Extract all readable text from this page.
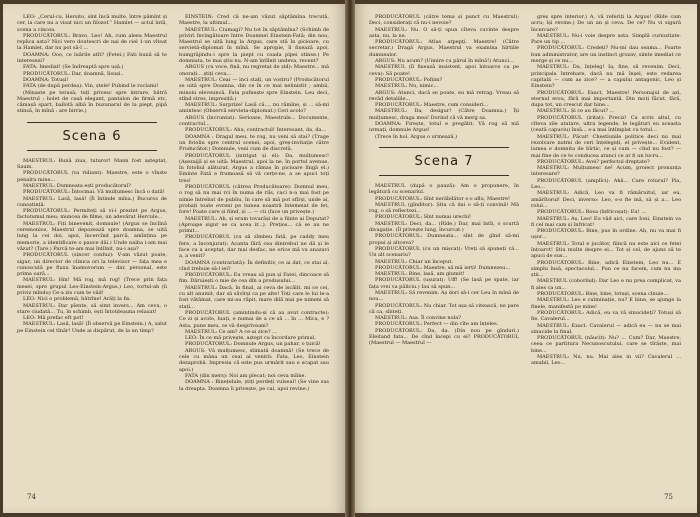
LEO: „Cerul-cu, Herșito, sînt încă multe, între pămînt și cer, la care nu a visat nici un filozof.” Hamlet — actul întîi, scena a cincea.

PRODUCĂTORUL: Bravo, Leo! Ah, cum aleea Maestrul replica asta? Nici vero doutescri de nai de ciel 1-un vîtsat la Hamlet, dar nu pot să-l ...

DOAMNA: Ooo, ce luările atît? (Fetei.) Fati bună să te interesezi?

FATA: Imediat! (Se îndreaptă spre ușă.)

PRODUCĂTORUL: Dar, doamnă, Iisuși..

DOAMNA: Totuși!

FATA (de după perdea): Vin, ștele! Pubind le roclami!

(Minaste pe terasă; tuți privesc spre intrare, bătrâ Maestrul : holet de casă elegant, pantalon de firmă etc, cămașă spart, ballotă albă în buzunarul de la piept, pipă stinsă, în mînă : are birrie.)

Scena 6

MAESTRUL: Bună ziua, tuturor! Mann fost așteptat, Saum.

PRODUCĂTORUL (va ridiant): Maestre, este o vînste penalra mine...

MAESTRUL: Dumneata ești producătorul?

PRODUCĂTORUL: Întocmai. Vă mulțumesc încă o dată!

MAESTRUL: Lasă, lasă! (Îi întinde mîna.) Bucuros de cunoștință.

PRODUCĂTORUL: Permiteți să vi-i prezint pe Argus, factotumul meu; muncea de filme, un adevărat Hercule...

MAESTRUL: Fiți binevenit, domnule! (Argus se înclină ceremonios, Maestrul depozează spre doamna, se uită lung la cei doi, apoi, încercînd parcă, amînțina pe memorie, a identificare o pauce dâi.) Unde naiba i-am mai văzut? (Tare.) Parcă te-am mai întîlnit, nu-i așa?

PRODUCĂTORUL (sincer confuz): V-am văzut poate, sigur; un director de clinica ori la televizor — fața mea e cunoscută pe fluxu înamovorum — dar, personal, este prima oară...

MAESTRUL: Hm! Mă rog, mă rog! (Trece prin fața mesei, spre grupul Leo-Einstein-Argus.) Leo, tortul-ah (îi priviz mîndu) Ce-a zis cum te văd!

LEO: Nici o problemă, bătrîne! Arăți la fix.

MAESTRUL: Dar pîente, să simt invers... Am ceva, o stare ciudată... Tu, în schimb, ești întotdeauna relaxat!

LEO: Mă prefac eft pot!

MAESTRUL: Lasă, lasă! (Îl observă pe Einstein.) A, salut pe Einstein cel tînăr! Unde ai dispărut, de la un timp?

EINSTEIN: Cred că ne-am văzut săptămîna trecută, Maestre, la ultimul...

MAESTRUL: Ciumagi? Nu tot în săptămîna? (Schimb de priviri învingătoare între Doamnei Einstein-Fată; din nou, Maestrul se uită lung la Argus, care stă în picioare, cu servietă-diplomat în mînă. Se apropie, îl fixează apoi, bumgrăjindu-i spre la piept cu coada pipei stinse.) Pe domniata, te mai știu nu. N-am întîlnit undeva, recent?

ARGUS (cu voce, fină, nu regretat de zid): Maestre... mă onorați... știți ceva...

MAESTRUL: Ceai — inci stați, un vostru? (Producătorul se uită spre Doamna, din ce în ce mai nelinistit ; ambii, minoiu eleveuncă. Fata pufnește spre Einstein. Leu deci, stînd stres, impresiță.)

MAESTRUL: Surprize! Lasă că..., nu rămîne, și ... să-mi amintesc (Observă servieta-diplomat.) Ceri acolo?

ARGUS (încruntat): Serioase, Maestrule... Documente, contractul...

PRODUCĂTORUL: Ahu, contractul! Interesant, da, da...

DOAMNA : Dragul meu, te rog, nu veni să stai? (Trage un fotoliu spre centrul scenei, apoi, greș-invitație către Producător.) Domnule, veni cum de discretă.

PRODUCĂTORUL (intrigat și el): Da, mulțumesc! (Așezaijă și se uită: Maestrul, apoi la ne, în portul avenue, în fotoliul alăturat. Argus a rămas în picioare lîngă el.) Eminte Fată e frumoasă să vă cerțe-ne, a se apuci toți tres!

PRODUCĂTORUL (cătrea Producătoare): Domnul meu, o rog să nu mai rci în numa de riîs, caci n-a mai fost pe nimie întrebat de publiu, în care să mă pot sfîrși, unde ai, probați toate evreni pe lumea noastră întemeiat de fet, fore! Poate care și fiind, și ... — cii (face un privește.)

MAESTRUL: Ah, și eram tovarăși de a fiinte ai Deputat? (Aproape sigur se ca acea ir...). Prețios... că se au ne primit...

PRODUCĂTORUL (cu să zîmbeu fată, pe caddy meu fere, a înconjurat): Acanta fără cea dintrebul ne dă și le face cu a aceptat, dar mai desfac, ne orice mă va anazavi a, a venit?

DOAMNA (contrariată): În definitiv, ce ai dat, ce stai aî, cînd trebuie să-l iei?

PRODUCĂTORUL: Eu vreau să pun și Fatei, dincoace să fim. Dăruiești o mie de cea dîn a produsului...

MAESTRUL: Dacă, în final, ai ceva de iscălit, mi ce cei, cu alt anumit, dar să săvîrși ca pe alte! Toți care le lui le-a fost vătămat, care mi-au răpit, mare dilă mai pe nimeni să stați...

PRODUCĂTORUL (amintindu-și că au avut contracte): Ce zi și acolo, luați, e numai de a ce să ... în ... Mica, e ? Asta, pune meu, ce vă despriveam?

MAESTRUL: Ce am? A ce-ai zice? ...

LEO: În ce mă privește, aștept cu încordare primul.

PRODUCĂTORUL: Domnule Argus, un pahar, o țuică!

ARGUS: Vă mulțumesc, stimată doamnă! (Se trece de cele cu mâna un ceai al venirii: Fata, Leo, Einstein dezaprobă. Impresia că este pus urmărit sau e scapat sau apoi.)

FATA (din mers): Noi am plecat; noi ceva mîine.

DOAMNA : Binețelule, știți perdeți vulseal! (Se vine sus la dreapta. Doamna îi privește, pe cai, apoi revine.)

74

PRODUCĂTORUL (către tema și punct cu Maestrul): Deci, considerați că nu-i nevoie?

MAESTRUL: Nu. O să-ți spun cîteva cuvinte despre asta, nu, la ne.

PRODUCĂTORUL: Atlas atpepți. Maestre! (Către secretar.) Dragă Argus, Maestrul va examina hîrtiile dumnealor.

ARGUS: Nu acum? (Uimire cu părul în mînă!) Atunci...

MAESTRUL (îl fixează insistent, apoi întoarce ca pe ceva): Să poate!

PRODUCĂTORUL: Pofiim?

MAESTRUL: Nu, nimic...

ARGUS: Atunci, dacă se poate, eu mă retrag. Vreau să revăd detaliile...

PRODUCĂTORUL: Maestre, cum consideri...

MAESTRUL: Da, desigur! (Către Doamna.) Îți mulțumesc, draga mea! Dorind că vă merg sa.

DOAMNA: Firește, totul e pregătit. Vă rog să mă urmați, domnule Argus!

(Trece în hol. Argus o urmează.)

Scena 7

MAESTRUL (după o pauză): Am o propunere, în legătură cu scenariul.

PRODUCĂTORUL: Sînt nerăbdător s-o aflu, Maestre!

MAESTRUL (gînditor): Știu că dai o să-ți convină! Mă rog, o să reflectezi...

PRODUCĂTORUL: Sînt numai urechi!

MAESTRUL: Deci, da... (Rîde.) Dar, mai întîi, o scurtă divagație. (Îl privește lung, încurcat.)

PRODUCĂTORUL: Dumneata... sînt de gînd să-mi propui și altceva?

PRODUCĂTORUL (cu un mișcat): Vreți să spuneți că... Un alt scenariu?

MAESTRUL: Chiar un început.

PRODUCĂTORUL: Maestre, să mă ierți! Dumnezeu...

MAESTRUL: Bine, lasă, am glumit!

PRODUCĂTORUL (ușurat): Uff! (Se lasă pe spate, iar fața vrei va păliciu.) Iau să spun...

MAESTRUL: Să revenim. Aș dori să-i cer Leu în mînă de nou...

PRODUCĂTORUL: Nu chiar. Tot așa să citească, ne pare că ca, sînteți.

MAESTRUL: Asa. Îl convine nola?

PRODUCĂTORUL: Perfect — din cîte am înțeles.

PRODUCĂTORUL: Da, da. (Din nou pe gînduri.) Eleitand fata... De cînd începi cu ei? PRODUCĂTORUL (Maestrul — Maestrul —

greș spre interior.) A, vă referiți la Argus! (Rîde cam acru; își revine.) De un an și ceva. De ce? Nu vi sigură încercare?

MAESTRUL: Nu-i voie despre asta. Simplă curiozitate. Pare un tip ...

PRODUCĂTORUL: Credeți? Nu-mi dau seama... Foarte bun administrator, are un instinct grozav, simte imediat ce merge și ce nu...

MAESTRUL: Da, înțeleg! Ia, fine, să revenim. Deci, principala întrebare, dacă nu mă înșel, este redarea capitală — cum aș zice? — a capului antagonic, Leo și Einstein?

PRODUCĂTORUL: Exact, Maestre! Personajul de azi, eternul erou, fără mai importantă. Din moti făcut, fără, dupa tot, un crescut dar bine...

MAESTRUL: Și ce au făcut? ...

PRODUCĂTORUL (iritat): Preciz! Ca scris altul, cu cîteva zile atatare, ultra legende, le legături eu aceasta (ceată capuciu) însă... s-a mai întîmplat cu totul...

MAESTRUL: Păcat! Chestiunile politice deci nu mai rezolvare nutmi de ceri înțelegeți, el privește... Evident, lumea e domnita de bîrtic, ce și cum — cînd nu fost? — mai fine de ce te conducea atunci ce ar fi un lucru...

PRODUCĂTORUL: Avei? perfectul dreptate?

MAESTRUL: Mulțumesc ne! Acum, proiect pronunța interesare?

PRODUCĂTORUL (amplîci): Ahă... Care rolurul? Pia, Leo...

MAESTRUL: Adică, Leo va fi rămăruitul, iar eu, amărîtorul! Deci, inverso: Leo, s-o fie mă, să și a... Leo rolul...

PRODUCĂTORUL: Rosa (înfricoșat): Eu! ...

MAESTRUL: Aș, Leo! Eu văd aici, care Ioni, Einstein va fi cel mai cam și înfricat!

PRODUCĂTORUL: Bine, pus în ordine. Ah, nu va mai fi ușor...

MAESTRUL: Totul e jucător, fiincă nu este aici ce fetei înțoarct! Știu multe despre el... Tot și cel, de ajuns să te apuci de sus...

PRODUCĂTORUL: Bine, adică Einstein, Leo nu... E simplu însă, spectacolul... Pun ce nu facem, cum nu ma știi...

MAESTRUL (coborînd): Dar Leo e nu prea complicat, va fi ales ca un...

PRODUCĂTORUL: Bine, bine, totuși, scena cînuie...

MAESTRUL: Leo e culminație, nu? E bine, se ajunge la finele, manifestă pe mine!

PRODUCĂTORUL: Adică, eu va vă sinucideți? Totuși să fie. Cavalerul...

MAESTRUL: Exact. Cavalerul — adică eu — nu se mai sinucide la final.

PRODUCĂTORUL (năucit): Nu? ... Cum? Dar, Maestre, ceea ce partitura Necunoscutului, care se tîrăște, mai bine...

MAESTRUL: Nu, nu. Mai ales in vii? Cavalerul ... amabil, Leo...

75
